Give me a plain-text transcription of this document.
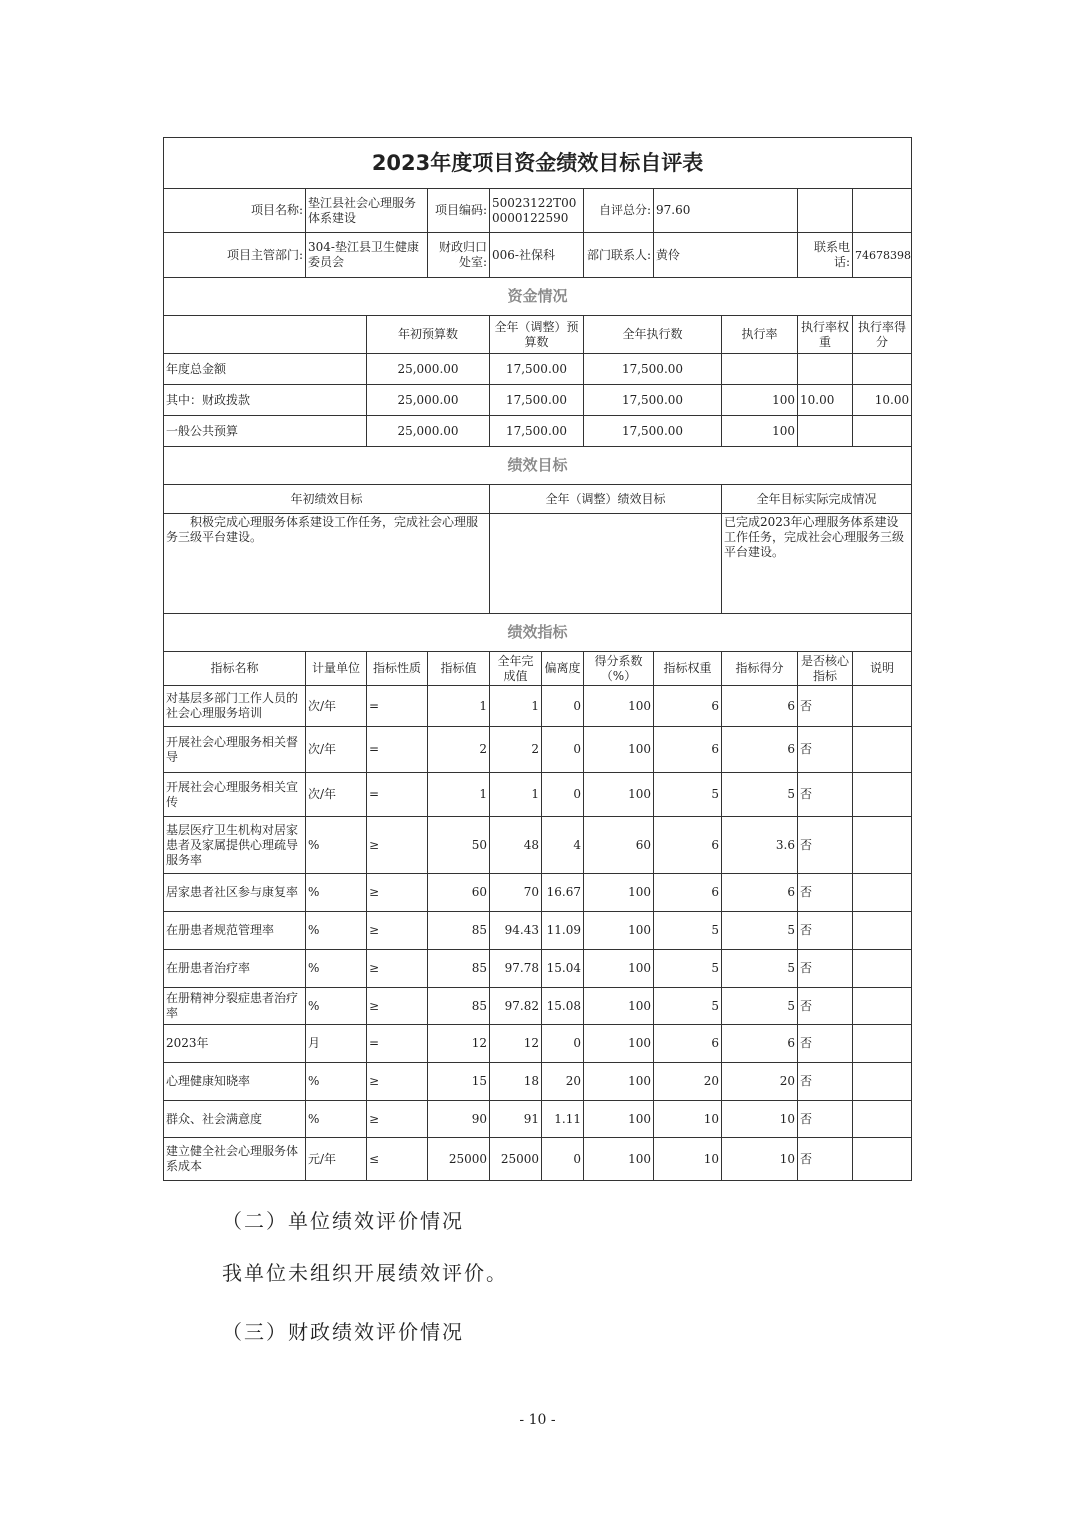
2023年度项目资金绩效目标自评表										
项目名称:	垫江县社会心理服务体系建设		项目编码:	50023122T000000122590		自评总分:	97.60			
项目主管部门:	304-垫江县卫生健康委员会		财政归口处室:	006-社保科		部门联系人:	黄伶		联系电话:	74678398
资金情况										
		年初预算数		全年（调整）预算数		全年执行数		执行率	执行率权重	执行率得分
年度总金额		25,000.00		17,500.00		17,500.00				
其中：财政拨款		25,000.00		17,500.00		17,500.00		100	10.00	10.00
一般公共预算		25,000.00		17,500.00		17,500.00		100		
绩效目标										
年初绩效目标				全年（调整）绩效目标				全年目标实际完成情况		
　　积极完成心理服务体系建设工作任务，完成社会心理服务三级平台建设。								已完成2023年心理服务体系建设工作任务，完成社会心理服务三级平台建设。		
绩效指标										
指标名称	计量单位	指标性质	指标值	全年完成值	偏离度	得分系数（%）	指标权重	指标得分	是否核心指标	说明
对基层多部门工作人员的社会心理服务培训	次/年	=	1	1	0	100	6	6	否	
开展社会心理服务相关督导	次/年	=	2	2	0	100	6	6	否	
开展社会心理服务相关宣传	次/年	=	1	1	0	100	5	5	否	
基层医疗卫生机构对居家患者及家属提供心理疏导服务率	%	≥	50	48	4	60	6	3.6	否	
居家患者社区参与康复率	%	≥	60	70	16.67	100	6	6	否	
在册患者规范管理率	%	≥	85	94.43	11.09	100	5	5	否	
在册患者治疗率	%	≥	85	97.78	15.04	100	5	5	否	
在册精神分裂症患者治疗率	%	≥	85	97.82	15.08	100	5	5	否	
2023年	月	=	12	12	0	100	6	6	否	
心理健康知晓率	%	≥	15	18	20	100	20	20	否	
群众、社会满意度	%	≥	90	91	1.11	100	10	10	否	
建立健全社会心理服务体系成本	元/年	≤	25000	25000	0	100	10	10	否	
（二）单位绩效评价情况
我单位未组织开展绩效评价。
（三）财政绩效评价情况
- 10 -
